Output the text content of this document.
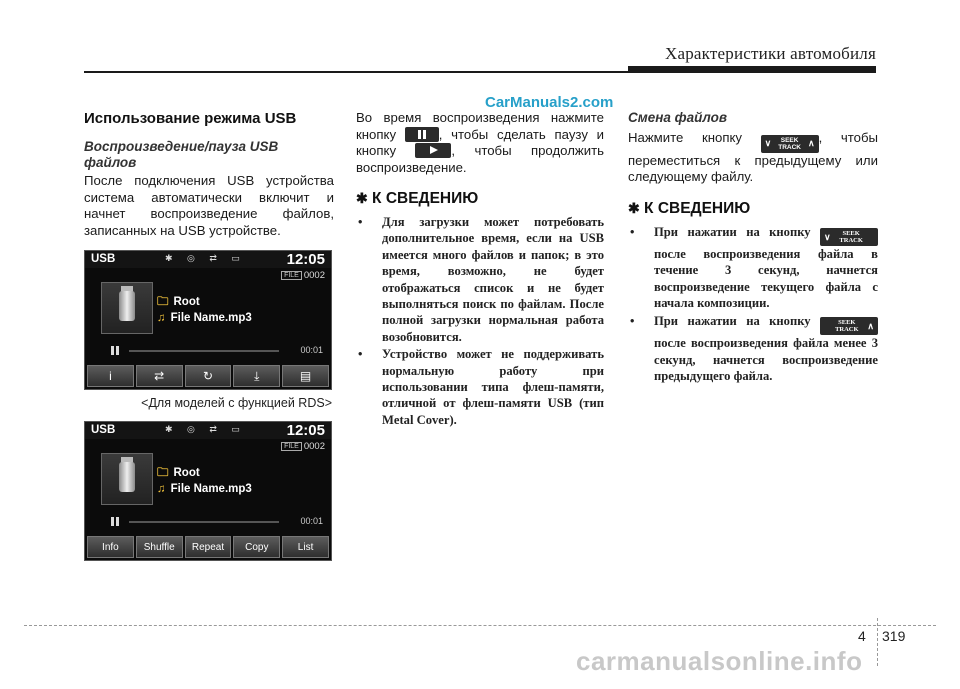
Характеристики автомобиля
CarManuals2.com
Использование режима USB
Воспроизведение/пауза USB файлов
После подключения USB устройства система автоматически включит и начнет воспроизведение файлов, записанных на USB устройстве.
USB	✱ ◎ ⇄ ▭	12:05
FILE 0002
🗀 Root
♫ File Name.mp3
00:01
i	⇄	↻	⤓	▤
<Для моделей с функцией RDS>
USB	✱ ◎ ⇄ ▭	12:05
FILE 0002
🗀 Root
♫ File Name.mp3
00:01
Info	Shuffle	Repeat	Copy	List
Во время воспроизведения нажмите кнопку	, чтобы сделать паузу и кнопку	, чтобы продолжить воспроизведение.
✱ К СВЕДЕНИЮ
• Для загрузки может потребовать дополнительное время, если на USB имеется много файлов и папок; в это время, возможно, не будет отображаться список и не будет выполняться поиск по файлам. После полной загрузки нормальная работа возобновится.
• Устройство может не поддерживать нормальную работу при использовании типа флеш-памяти, отличной от флеш-памяти USB (тип Metal Cover).
Смена файлов
Нажмите кнопку	∨	SEEK
TRACK ∧ , чтобы переместиться к предыдущему или следующему файлу.
✱ К СВЕДЕНИЮ
• При нажатии на кнопку ∨	SEEK
TRACK

после воспроизведения файла в течение 3 секунд, начнется воспроизведение текущего файла с начала композиции.
• При нажатии на кнопку
	SEEK
TRACK ∧
после воспроизведения файла менее 3 секунд, начнется воспроизведение предыдущего файла.
4 319
carmanualsonline.info
